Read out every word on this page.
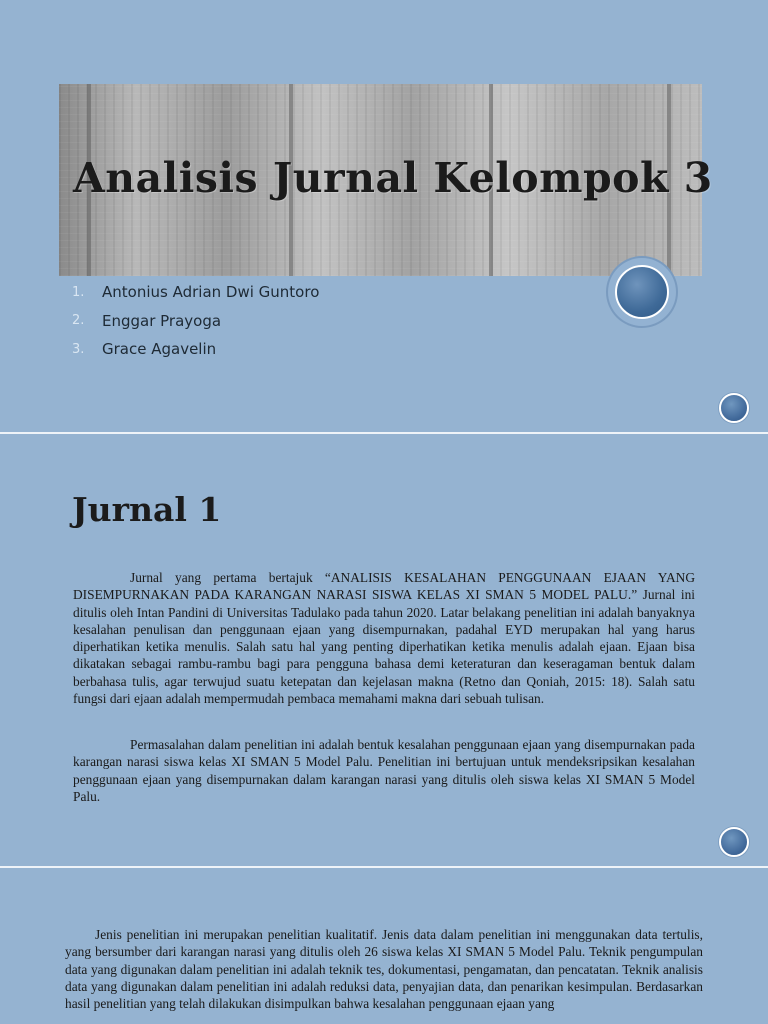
Analisis Jurnal Kelompok 3
1.	Antonius Adrian Dwi Guntoro
2.	Enggar Prayoga
3.	Grace Agavelin
Jurnal 1

Jurnal yang pertama bertajuk “ANALISIS KESALAHAN PENGGUNAAN EJAAN YANG DISEMPURNAKAN PADA KARANGAN NARASI SISWA KELAS XI SMAN 5 MODEL PALU.” Jurnal ini ditulis oleh Intan Pandini di Universitas Tadulako pada tahun 2020. Latar belakang penelitian ini adalah banyaknya kesalahan penulisan dan penggunaan ejaan yang disempurnakan, padahal EYD merupakan hal yang harus diperhatikan ketika menulis. Salah satu hal yang penting diperhatikan ketika menulis adalah ejaan. Ejaan bisa dikatakan sebagai rambu-rambu bagi para pengguna bahasa demi keteraturan dan keseragaman bentuk dalam berbahasa tulis, agar terwujud suatu ketepatan dan kejelasan makna (Retno dan Qoniah, 2015: 18). Salah satu fungsi dari ejaan adalah mempermudah pembaca memahami makna dari sebuah tulisan.

Permasalahan dalam penelitian ini adalah bentuk kesalahan penggunaan ejaan yang disempurnakan pada karangan narasi siswa kelas XI SMAN 5 Model Palu. Penelitian ini bertujuan untuk mendeksripsikan kesalahan penggunaan ejaan yang disempurnakan dalam karangan narasi yang ditulis oleh siswa kelas XI SMAN 5 Model Palu.

Jenis penelitian ini merupakan penelitian kualitatif. Jenis data dalam penelitian ini menggunakan data tertulis, yang bersumber dari karangan narasi yang ditulis oleh 26 siswa kelas XI SMAN 5 Model Palu. Teknik pengumpulan data yang digunakan dalam penelitian ini adalah teknik tes, dokumentasi, pengamatan, dan pencatatan. Teknik analisis data yang digunakan dalam penelitian ini adalah reduksi data, penyajian data, dan penarikan kesimpulan. Berdasarkan hasil penelitian yang telah dilakukan disimpulkan bahwa kesalahan penggunaan ejaan yang
